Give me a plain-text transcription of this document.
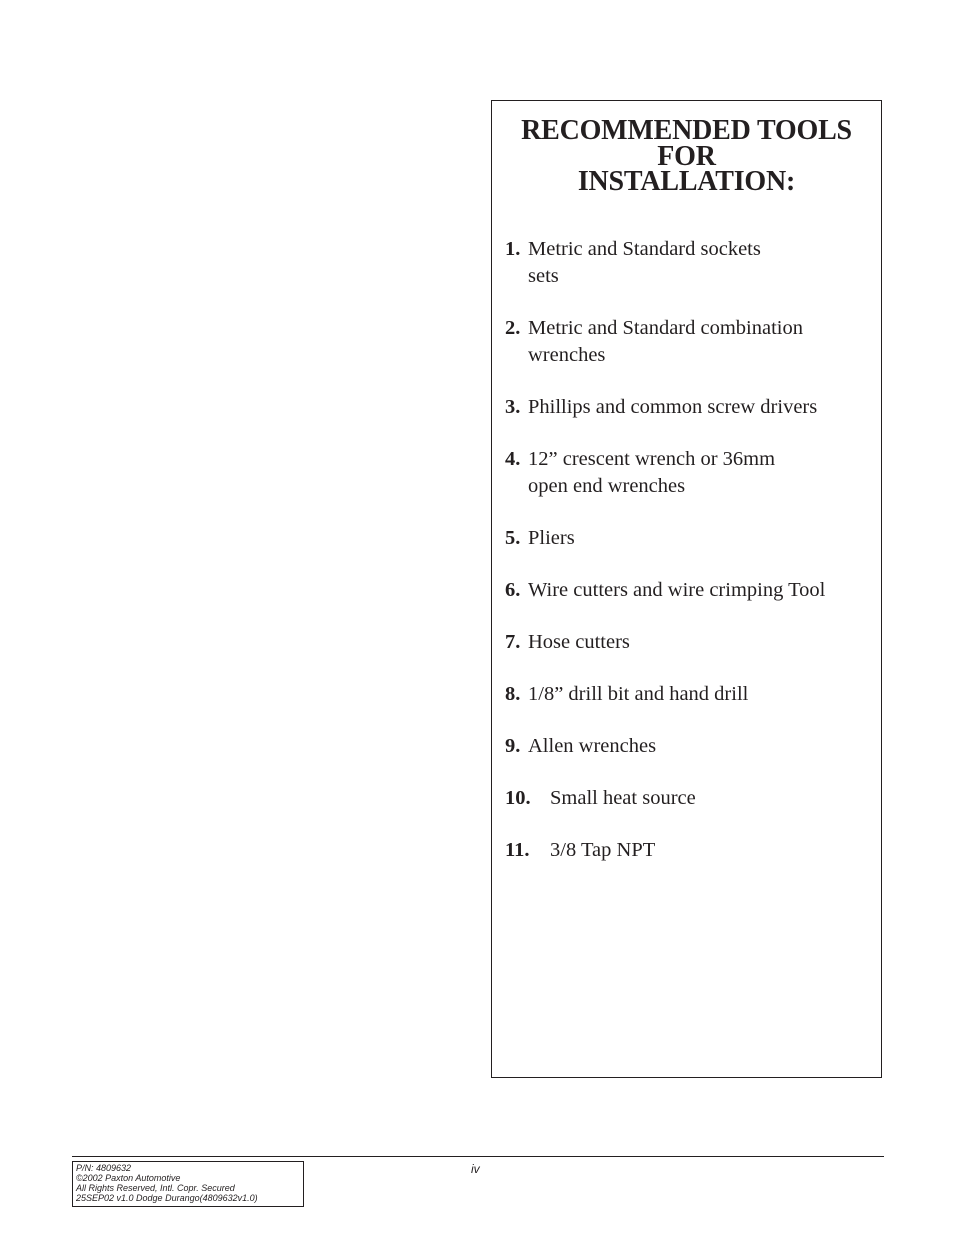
RECOMMENDED TOOLS
FOR
INSTALLATION:
1. Metric and Standard sockets
sets
2. Metric and Standard combination
wrenches
3. Phillips and common screw drivers
4. 12” crescent wrench or 36mm
open end wrenches
5. Pliers
6. Wire cutters and wire crimping Tool
7. Hose cutters
8. 1/8” drill bit and hand drill
9. Allen wrenches
10. Small heat source
11.	3/8 Tap NPT
P/N: 4809632
©2002 Paxton Automotive
All Rights Reserved, Intl. Copr. Secured
25SEP02 v1.0 Dodge Durango(4809632v1.0)
iv
